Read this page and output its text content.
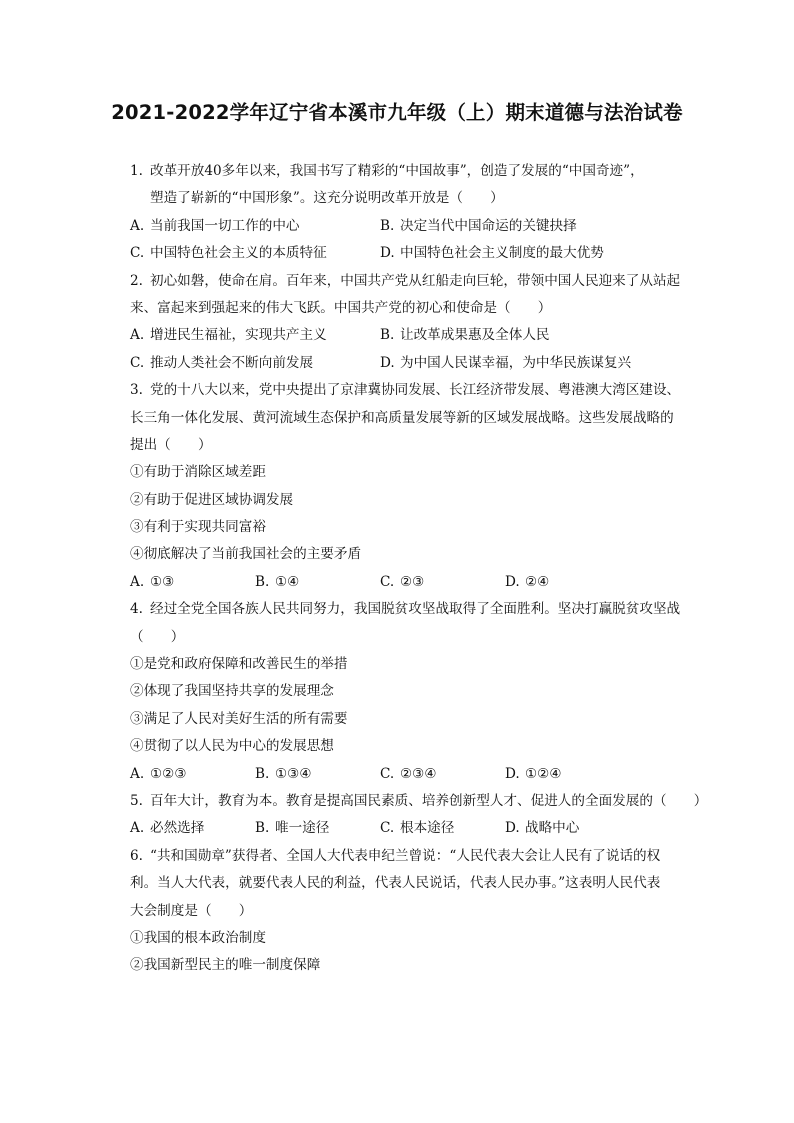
2021-2022学年辽宁省本溪市九年级（上）期末道德与法治试卷
1. 改革开放40多年以来，我国书写了精彩的“中国故事”，创造了发展的“中国奇迹”，
塑造了崭新的“中国形象”。这充分说明改革开放是（　　）
A. 当前我国一切工作的中心	B. 决定当代中国命运的关键抉择
C. 中国特色社会主义的本质特征	D. 中国特色社会主义制度的最大优势
2. 初心如磐，使命在肩。百年来，中国共产党从红船走向巨轮，带领中国人民迎来了从站起
来、富起来到强起来的伟大飞跃。中国共产党的初心和使命是（　　）
A. 增进民生福祉，实现共产主义	B. 让改革成果惠及全体人民
C. 推动人类社会不断向前发展	D. 为中国人民谋幸福，为中华民族谋复兴
3. 党的十八大以来，党中央提出了京津冀协同发展、长江经济带发展、粤港澳大湾区建设、
长三角一体化发展、黄河流域生态保护和高质量发展等新的区域发展战略。这些发展战略的
提出（　　）
①有助于消除区域差距
②有助于促进区域协调发展
③有利于实现共同富裕
④彻底解决了当前我国社会的主要矛盾
A. ①③	B. ①④	C. ②③	D. ②④
4. 经过全党全国各族人民共同努力，我国脱贫攻坚战取得了全面胜利。坚决打赢脱贫攻坚战
（　　）
①是党和政府保障和改善民生的举措
②体现了我国坚持共享的发展理念
③满足了人民对美好生活的所有需要
④贯彻了以人民为中心的发展思想
A. ①②③	B. ①③④	C. ②③④	D. ①②④
5. 百年大计，教育为本。教育是提高国民素质、培养创新型人才、促进人的全面发展的（　　）
A. 必然选择	B. 唯一途径	C. 根本途径	D. 战略中心
6. “共和国勋章”获得者、全国人大代表申纪兰曾说：“人民代表大会让人民有了说话的权
利。当人大代表，就要代表人民的利益，代表人民说话，代表人民办事。”这表明人民代表
大会制度是（　　）
①我国的根本政治制度
②我国新型民主的唯一制度保障
